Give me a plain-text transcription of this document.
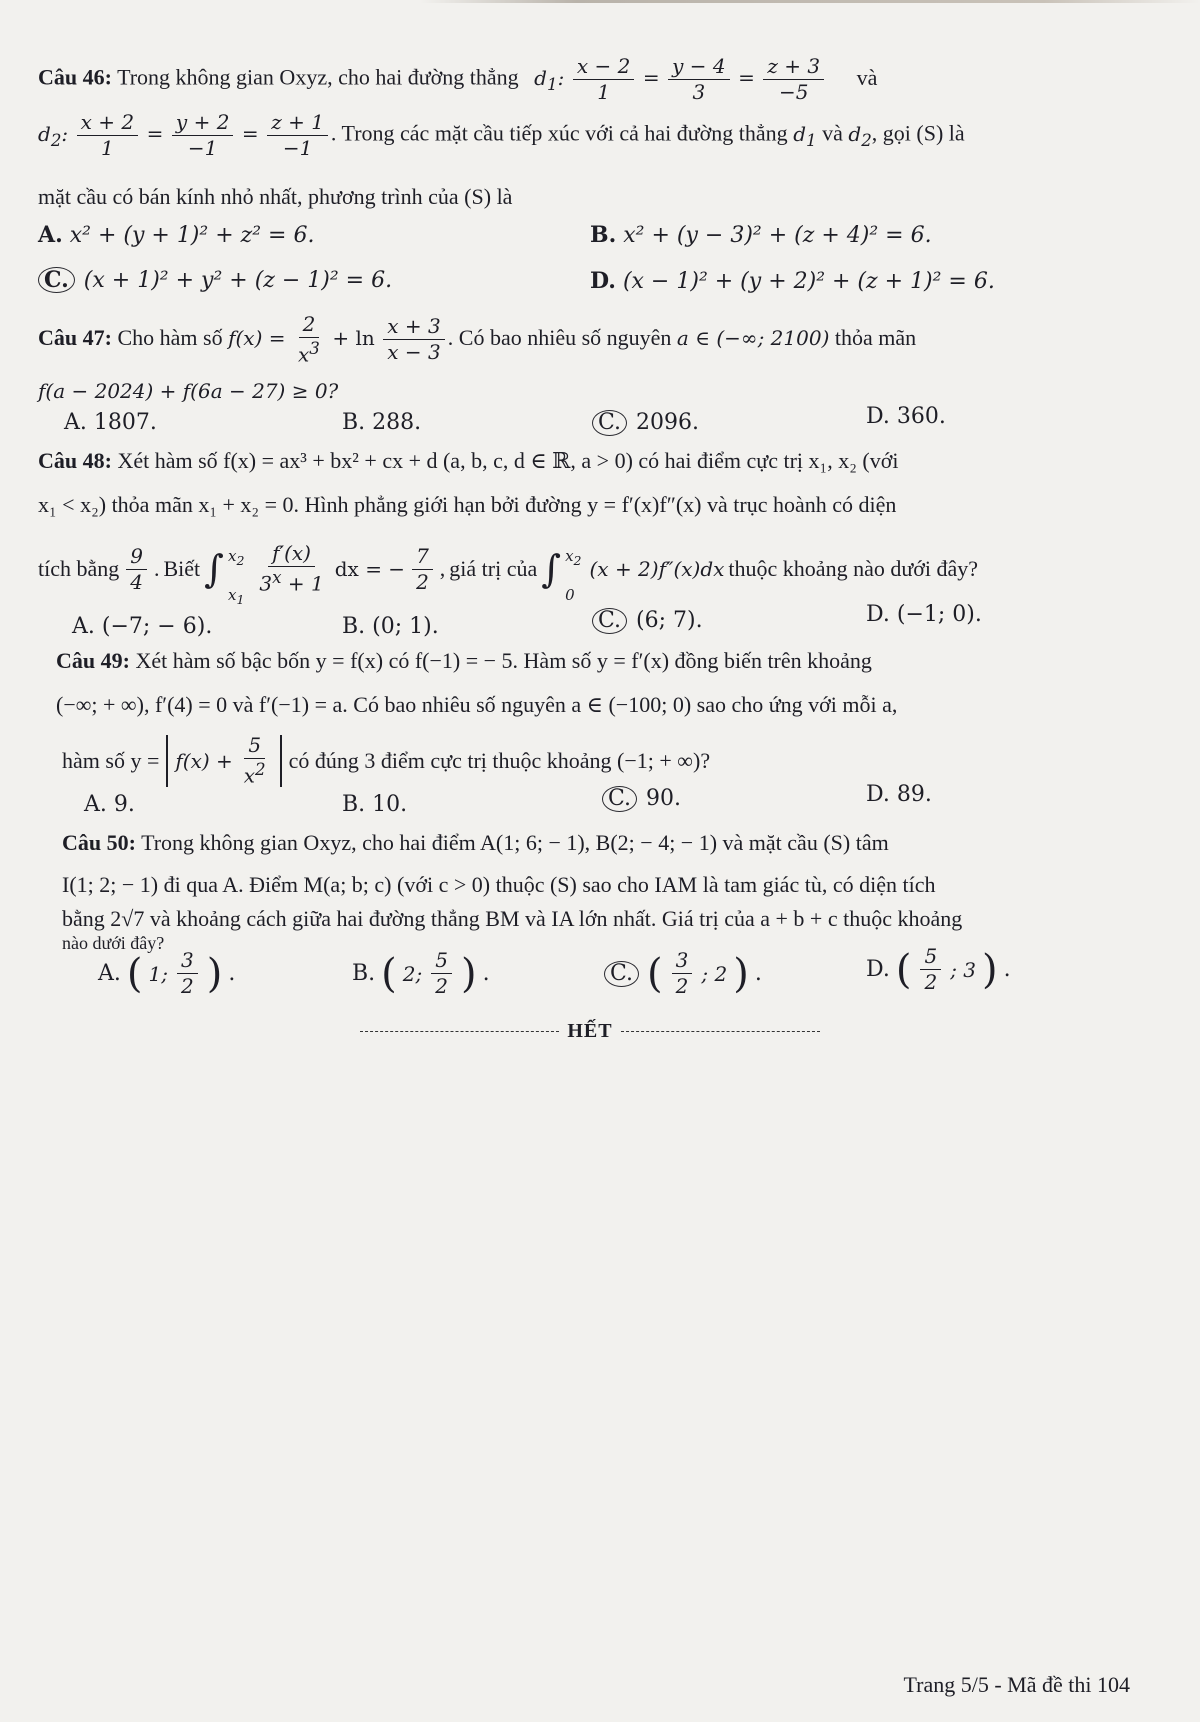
Câu 46: Trong không gian Oxyz, cho hai đường thẳng $d_1$: $\frac{x - 2}{1} = \frac{y - 4}{3} = \frac{z + 3}{-5}$ và
$d_2$: $\frac{x + 2}{1} = \frac{y + 2}{-1} = \frac{z + 1}{-1}$ . Trong các mặt cầu tiếp xúc với cả hai đường thẳng $d_1$ và $d_2$, gọi (S) là
mặt cầu có bán kính nhỏ nhất, phương trình của (S) là
A. x² + (y + 1)² + z² = 6.	B. x² + (y − 3)² + (z + 4)² = 6.
C. (x + 1)² + y² + (z − 1)² = 6.	D. (x − 1)² + (y + 2)² + (z + 1)² = 6.
Câu 47: Cho hàm số $f(x) = \frac{2}{x^3} + \ln \frac{x + 3}{x - 3}$ . Có bao nhiêu số nguyên a ∈ (−∞; 2100) thỏa mãn
f(a − 2024) + f(6a − 27) ≥ 0?
A. 1807.	B. 288.	C. 2096.	D. 360.
Câu 48: Xét hàm số f(x) = ax³ + bx² + cx + d (a, b, c, d ∈ ℝ, a > 0) có hai điểm cực trị x₁, x₂ (với
x₁ < x₂) thỏa mãn x₁ + x₂ = 0. Hình phẳng giới hạn bởi đường y = f′(x)f″(x) và trục hoành có diện
tích bằng $\frac{9}{4}$ . Biết ∫ $x_2$
$x_1$
$\frac{f'(x)}{3^x + 1}$ dx = − $\frac{7}{2}$ , giá trị của ∫ $x_2$
0
(x + 2)f″(x)dx thuộc khoảng nào dưới đây?
A. (−7; − 6).	B. (0; 1).	C. (6; 7).	D. (−1; 0).
Câu 49: Xét hàm số bậc bốn y = f(x) có f(−1) = − 5. Hàm số y = f′(x) đồng biến trên khoảng
(−∞; + ∞), f′(4) = 0 và f′(−1) = a. Có bao nhiêu số nguyên a ∈ (−100; 0) sao cho ứng với mỗi a,
hàm số $y = f(x) + \frac{5}{x^2}$ có đúng 3 điểm cực trị thuộc khoảng (−1; + ∞)?
A. 9.	B. 10.	C. 90.	D. 89.
Câu 50: Trong không gian Oxyz, cho hai điểm A(1; 6; − 1), B(2; − 4; − 1) và mặt cầu (S) tâm
I(1; 2; − 1) đi qua A. Điểm M(a; b; c) (với c > 0) thuộc (S) sao cho IAM là tam giác tù, có diện tích
bằng 2√7 và khoảng cách giữa hai đường thẳng BM và IA lớn nhất. Giá trị của a + b + c thuộc khoảng
nào dưới đây?
A. ( 1; $\frac{3}{2}$ ) .	B. ( 2; $\frac{5}{2}$ ) .	C. ( $\frac{3}{2}$ ; 2 ) .	D. ( $\frac{5}{2}$ ; 3 ) .
HẾT
Trang 5/5 - Mã đề thi 104
